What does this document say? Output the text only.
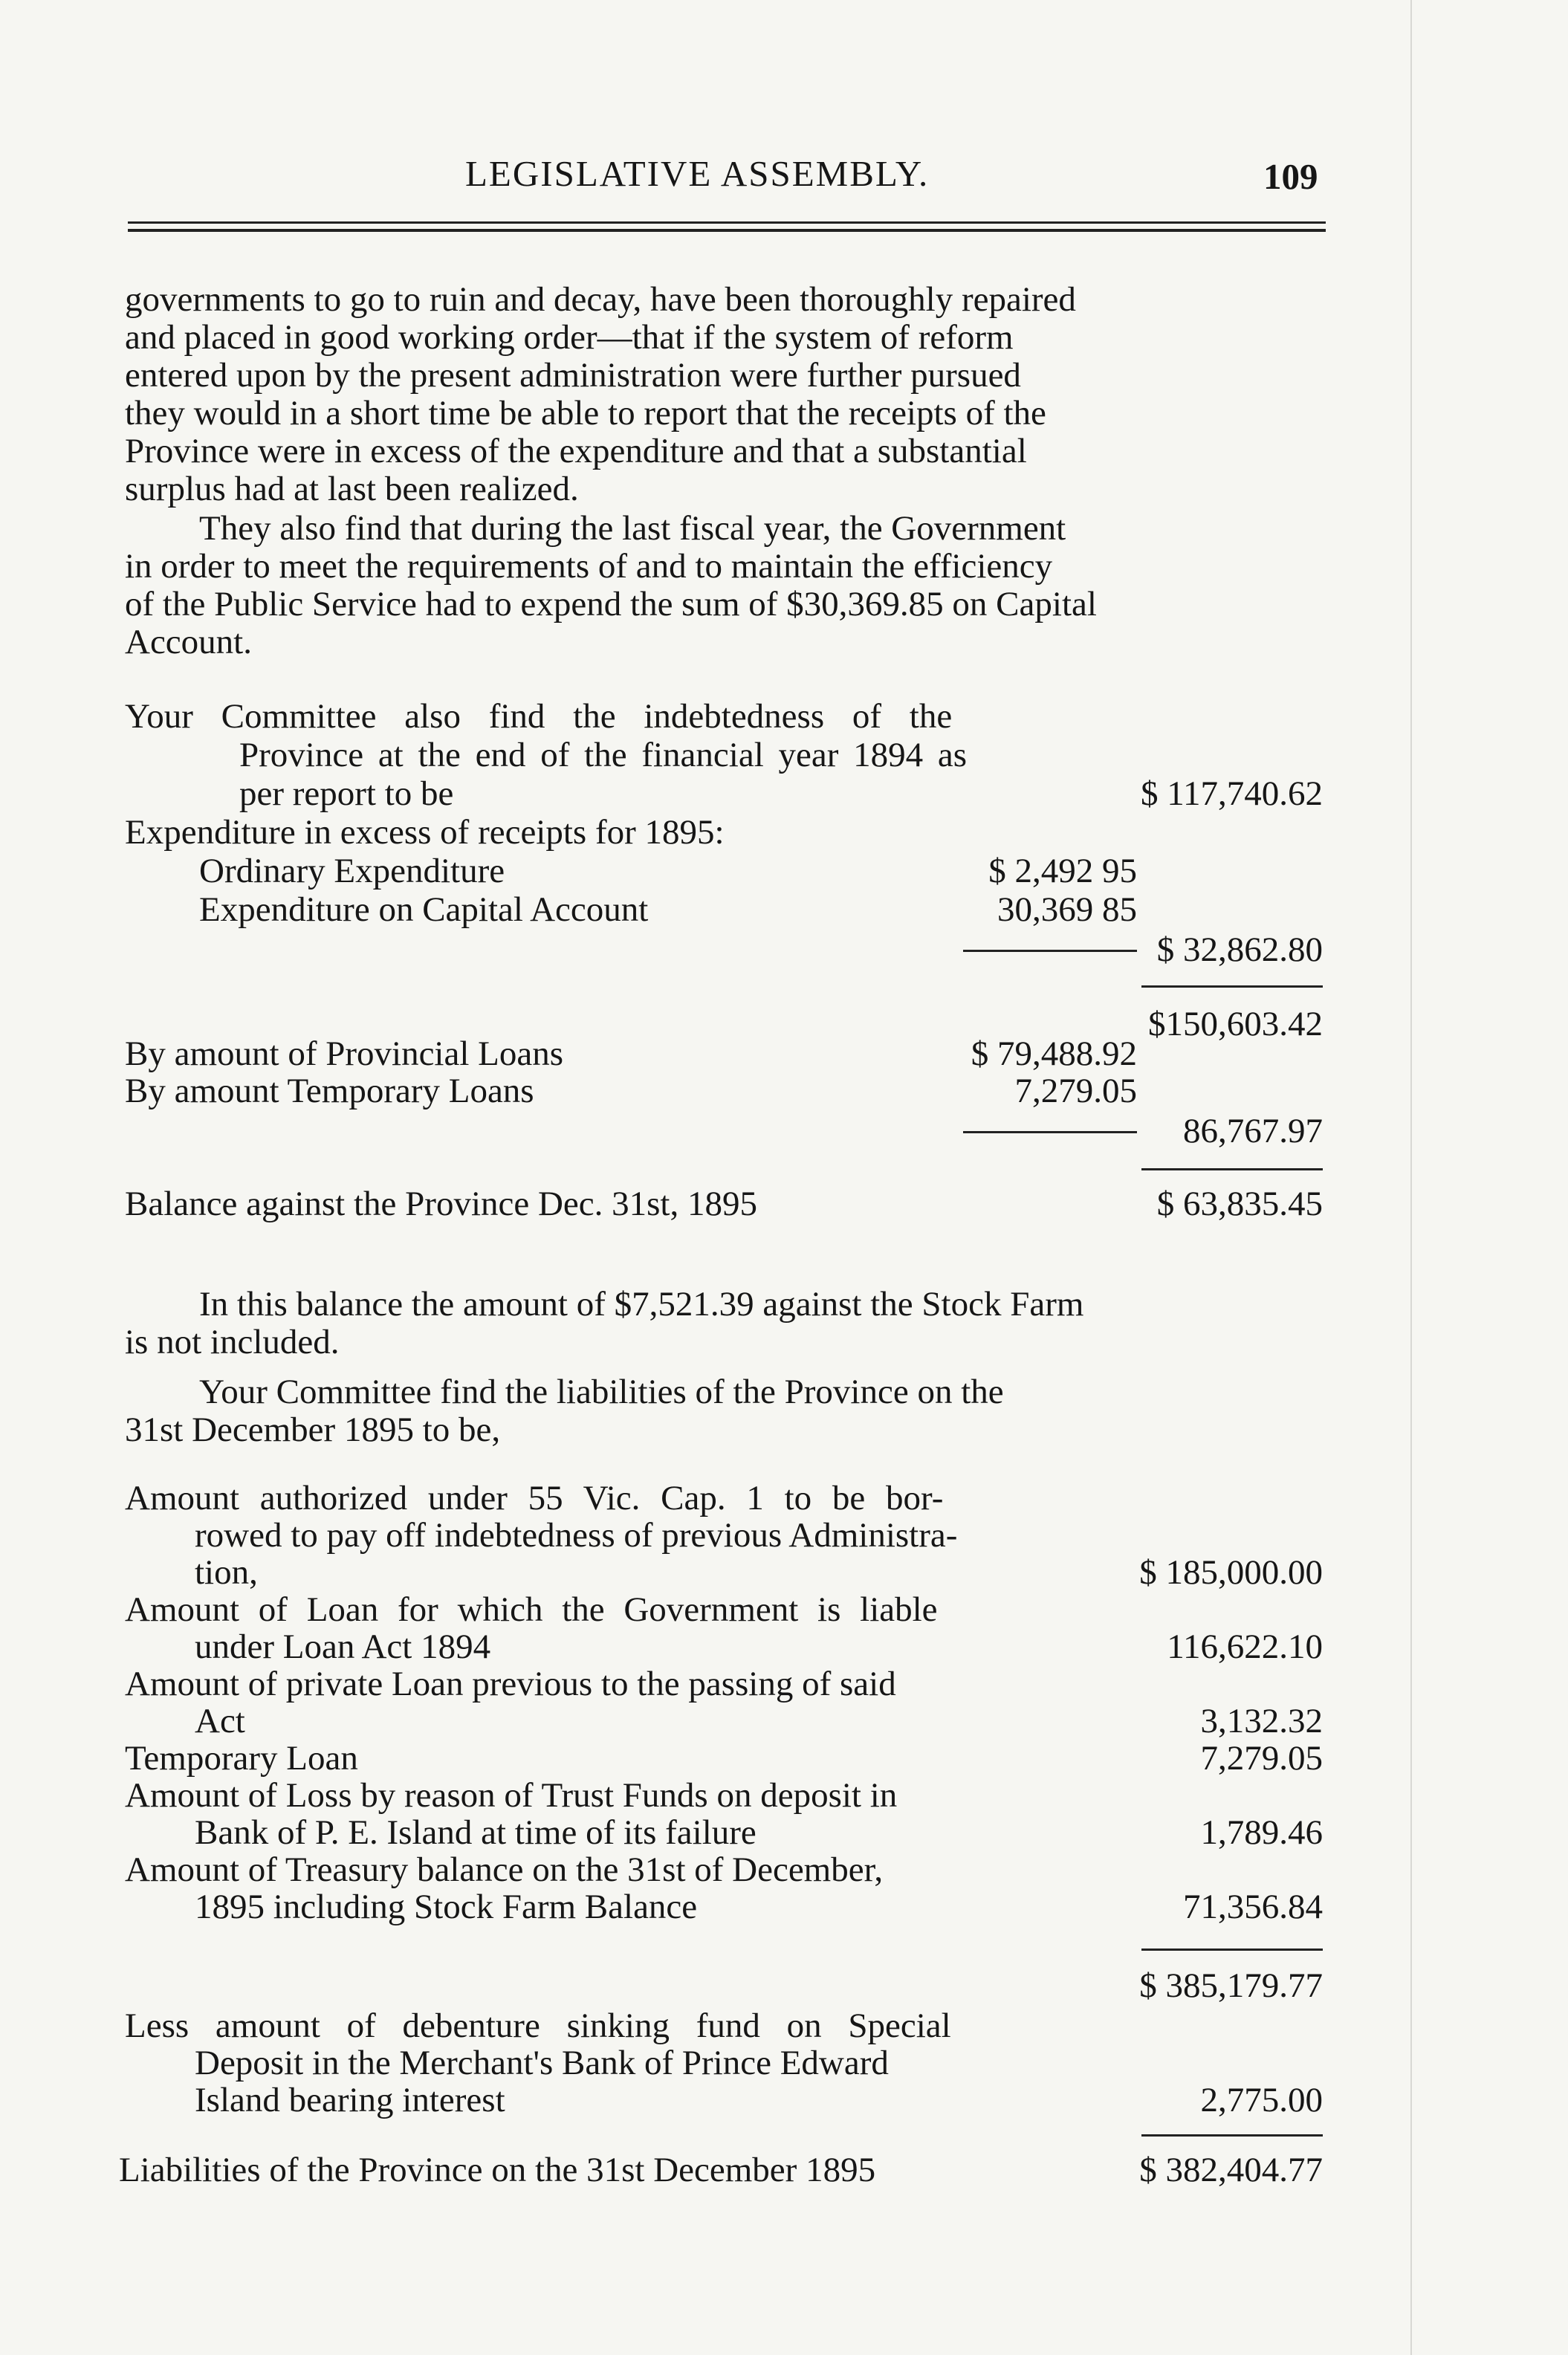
LEGISLATIVE ASSEMBLY.	109
governments to go to ruin and decay, have been thoroughly repaired
and placed in good working order—that if the system of reform
entered upon by the present administration were further pursued
they would in a short time be able to report that the receipts of the
Province were in excess of the expenditure and that a substantial
surplus had at last been realized.
They also find that during the last fiscal year, the Government
in order to meet the requirements of and to maintain the efficiency
of the Public Service had to expend the sum of $30,369.85 on Capital
Account.
Your Committee also find the indebtedness of the
Province at the end of the financial year 1894 as
per report to be	$ 117,740.62
Expenditure in excess of receipts for 1895:
Ordinary Expenditure	$ 2,492 95
Expenditure on Capital Account	30,369 85
$ 32,862.80
$150,603.42
By amount of Provincial Loans	$ 79,488.92
By amount Temporary Loans	7,279.05
86,767.97
Balance against the Province Dec. 31st, 1895	$ 63,835.45
In this balance the amount of $7,521.39 against the Stock Farm
is not included.
Your Committee find the liabilities of the Province on the
31st December 1895 to be,
Amount authorized under 55 Vic. Cap. 1 to be bor-
rowed to pay off indebtedness of previous Administra-
tion,	$ 185,000.00
Amount of Loan for which the Government is liable
under Loan Act 1894	116,622.10
Amount of private Loan previous to the passing of said
Act	3,132.32
Temporary Loan	7,279.05
Amount of Loss by reason of Trust Funds on deposit in
Bank of P. E. Island at time of its failure	1,789.46
Amount of Treasury balance on the 31st of December,
1895 including Stock Farm Balance	71,356.84
$ 385,179.77
Less amount of debenture sinking fund on Special
Deposit in the Merchant's Bank of Prince Edward
Island bearing interest	2,775.00
Liabilities of the Province on the 31st December 1895	$ 382,404.77
